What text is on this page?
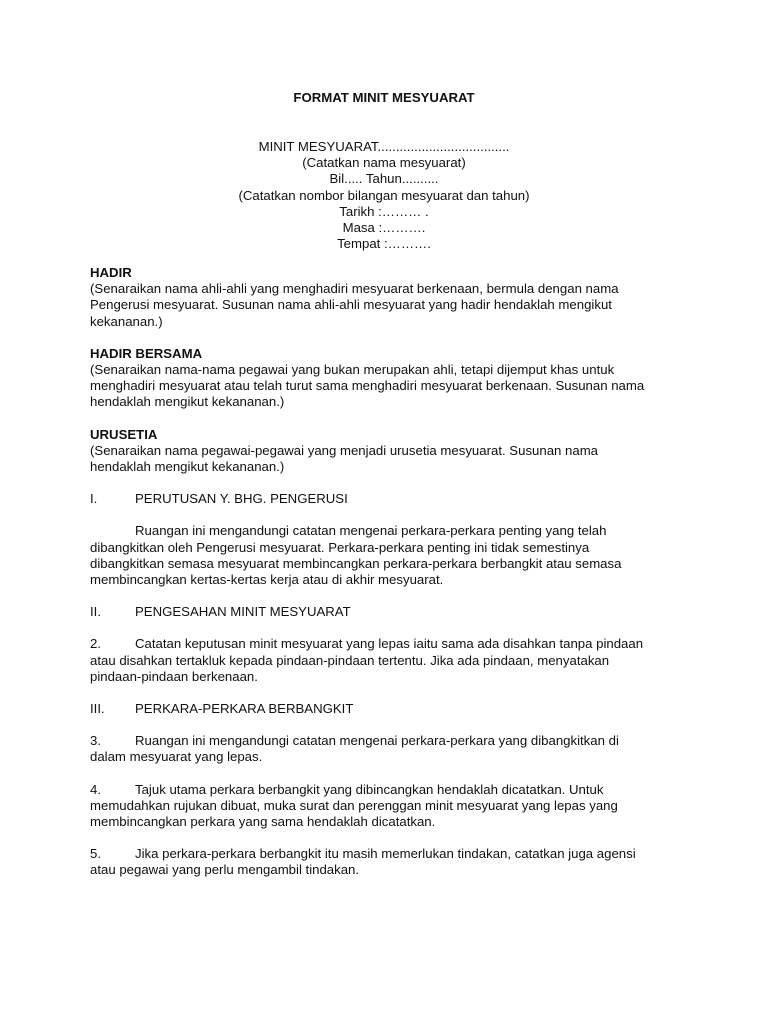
FORMAT MINIT MESYUARAT
MINIT MESYUARAT....................................
(Catatkan nama mesyuarat)
Bil..... Tahun..........
(Catatkan nombor bilangan mesyuarat dan tahun)
Tarikh :……… .
Masa :……….
Tempat :……….
HADIR
(Senaraikan nama ahli-ahli yang menghadiri mesyuarat berkenaan, bermula dengan nama
Pengerusi mesyuarat. Susunan nama ahli-ahli mesyuarat yang hadir hendaklah mengikut
kekananan.)
HADIR BERSAMA
(Senaraikan nama-nama pegawai yang bukan merupakan ahli, tetapi dijemput khas untuk
menghadiri mesyuarat atau telah turut sama menghadiri mesyuarat berkenaan. Susunan nama
hendaklah mengikut kekananan.)
URUSETIA
(Senaraikan nama pegawai-pegawai yang menjadi urusetia mesyuarat. Susunan nama
hendaklah mengikut kekananan.)
I.	PERUTUSAN Y. BHG. PENGERUSI
Ruangan ini mengandungi catatan mengenai perkara-perkara penting yang telah
dibangkitkan oleh Pengerusi mesyuarat. Perkara-perkara penting ini tidak semestinya
dibangkitkan semasa mesyuarat membincangkan perkara-perkara berbangkit atau semasa
membincangkan kertas-kertas kerja atau di akhir mesyuarat.
II.	PENGESAHAN MINIT MESYUARAT
2.	Catatan keputusan minit mesyuarat yang lepas iaitu sama ada disahkan tanpa pindaan
atau disahkan tertakluk kepada pindaan-pindaan tertentu. Jika ada pindaan, menyatakan
pindaan-pindaan berkenaan.
III.	PERKARA-PERKARA BERBANGKIT
3.	Ruangan ini mengandungi catatan mengenai perkara-perkara yang dibangkitkan di
dalam mesyuarat yang lepas.
4.	Tajuk utama perkara berbangkit yang dibincangkan hendaklah dicatatkan. Untuk
memudahkan rujukan dibuat, muka surat dan perenggan minit mesyuarat yang lepas yang
membincangkan perkara yang sama hendaklah dicatatkan.
5.	Jika perkara-perkara berbangkit itu masih memerlukan tindakan, catatkan juga agensi
atau pegawai yang perlu mengambil tindakan.
